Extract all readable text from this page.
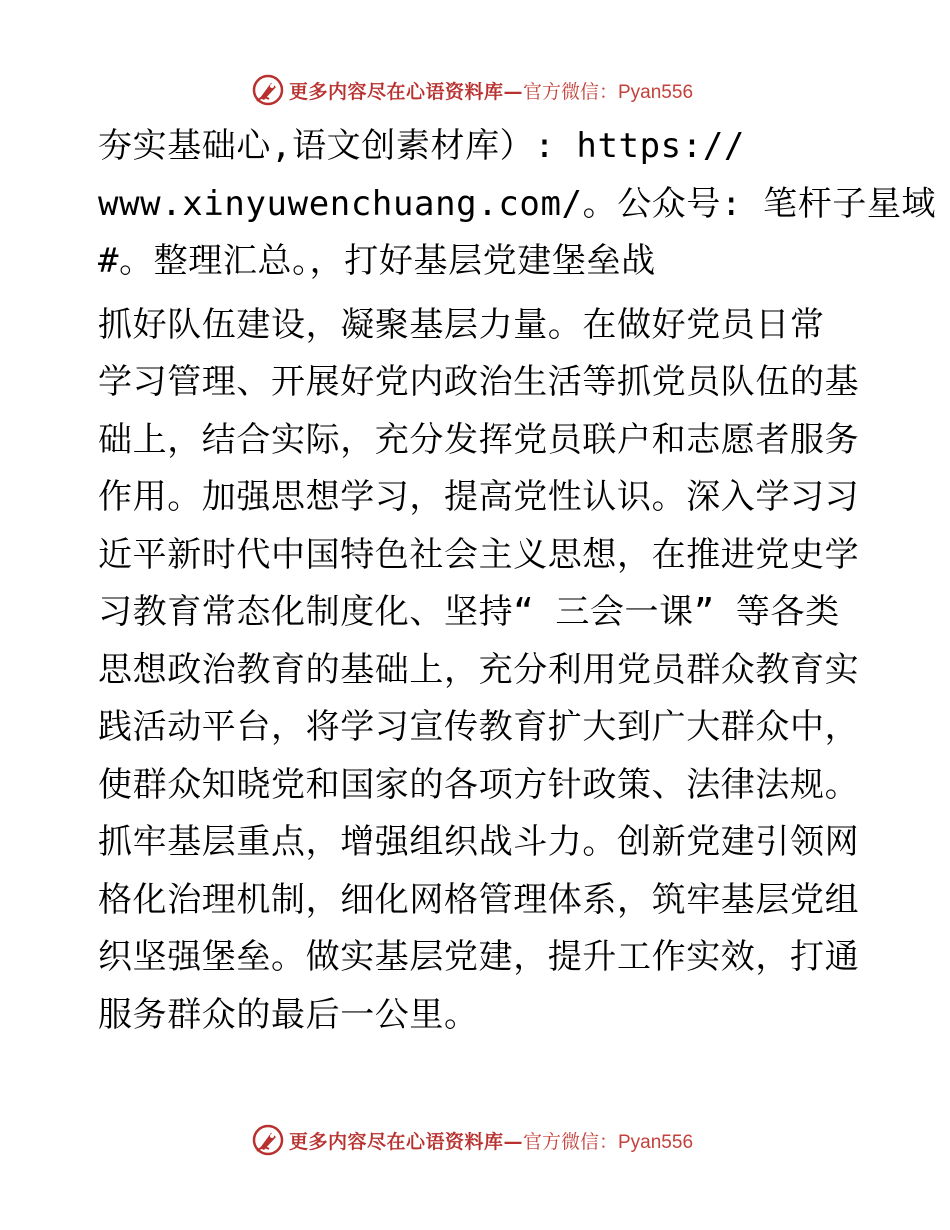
更多内容尽在心语资料库— 官方微信：Pyan556
夯实基础心,语文创素材库）: https://
www.xinyuwenchuang.com/。公众号: 笔杆子星域
#。整理汇总。，打好基层党建堡垒战
抓好队伍建设，凝聚基层力量。在做好党员日常
学习管理、开展好党内政治生活等抓党员队伍的基
础上，结合实际，充分发挥党员联户和志愿者服务
作用。加强思想学习，提高党性认识。深入学习习
近平新时代中国特色社会主义思想，在推进党史学
习教育常态化制度化、坚持“ 三会一课” 等各类
思想政治教育的基础上，充分利用党员群众教育实
践活动平台，将学习宣传教育扩大到广大群众中，
使群众知晓党和国家的各项方针政策、法律法规。
抓牢基层重点，增强组织战斗力。创新党建引领网
格化治理机制，细化网格管理体系，筑牢基层党组
织坚强堡垒。做实基层党建，提升工作实效，打通
服务群众的最后一公里。
更多内容尽在心语资料库— 官方微信：Pyan556
